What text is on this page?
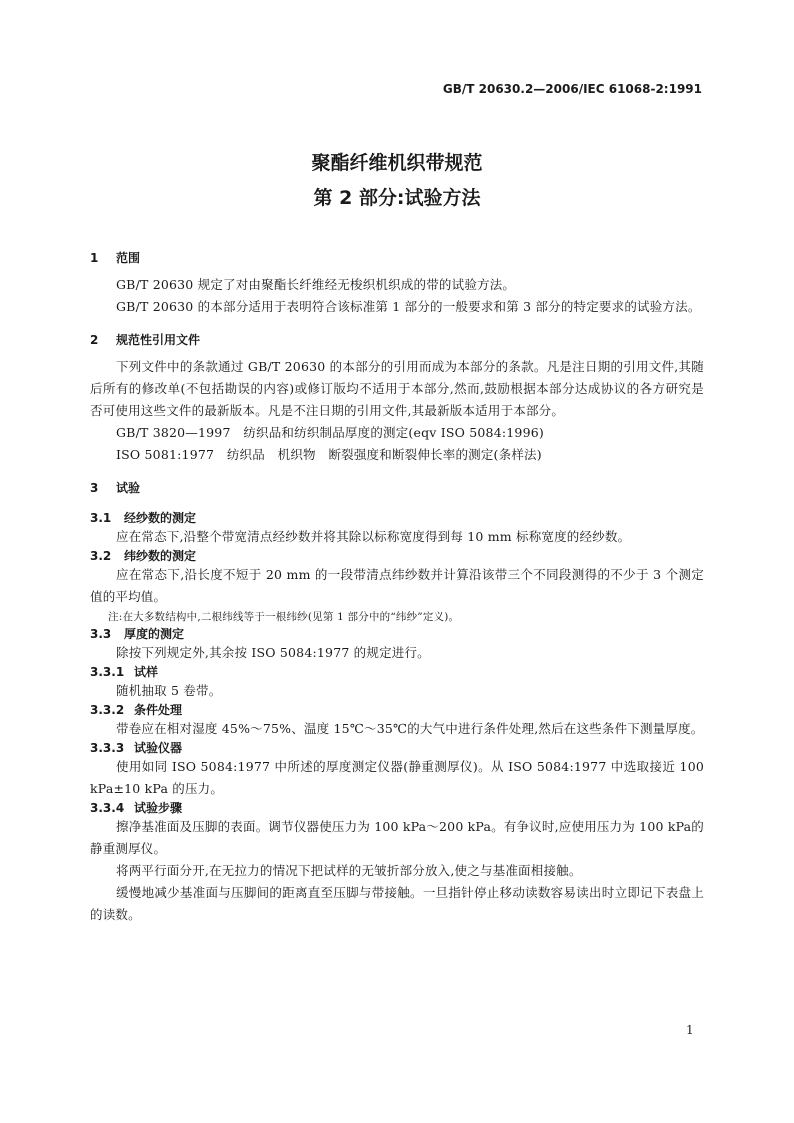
GB/T 20630.2—2006/IEC 61068-2:1991
聚酯纤维机织带规范
第 2 部分:试验方法
1 范围

GB/T 20630 规定了对由聚酯长纤维经无梭织机织成的带的试验方法。

GB/T 20630 的本部分适用于表明符合该标准第 1 部分的一般要求和第 3 部分的特定要求的试验方法。

2 规范性引用文件

下列文件中的条款通过 GB/T 20630 的本部分的引用而成为本部分的条款。凡是注日期的引用文件,其随后所有的修改单(不包括勘误的内容)或修订版均不适用于本部分,然而,鼓励根据本部分达成协议的各方研究是否可使用这些文件的最新版本。凡是不注日期的引用文件,其最新版本适用于本部分。

GB/T 3820—1997　纺织品和纺织制品厚度的测定(eqv ISO 5084:1996)

ISO 5081:1977　纺织品　机织物　断裂强度和断裂伸长率的测定(条样法)

3 试验
3.1 经纱数的测定

应在常态下,沿整个带宽清点经纱数并将其除以标称宽度得到每 10 mm 标称宽度的经纱数。

3.2 纬纱数的测定

应在常态下,沿长度不短于 20 mm 的一段带清点纬纱数并计算沿该带三个不同段测得的不少于 3 个测定值的平均值。

注:在大多数结构中,二根纬线等于一根纬纱(见第 1 部分中的“纬纱”定义)。

3.3 厚度的测定

除按下列规定外,其余按 ISO 5084:1977 的规定进行。

3.3.1 试样

随机抽取 5 卷带。

3.3.2 条件处理

带卷应在相对湿度 45%～75%、温度 15℃～35℃的大气中进行条件处理,然后在这些条件下测量厚度。

3.3.3 试验仪器

使用如同 ISO 5084:1977 中所述的厚度测定仪器(静重测厚仪)。从 ISO 5084:1977 中选取接近 100 kPa±10 kPa 的压力。

3.3.4 试验步骤

擦净基准面及压脚的表面。调节仪器使压力为 100 kPa～200 kPa。有争议时,应使用压力为 100 kPa的静重测厚仪。

将两平行面分开,在无拉力的情况下把试样的无皱折部分放入,使之与基准面相接触。

缓慢地减少基准面与压脚间的距离直至压脚与带接触。一旦指针停止移动读数容易读出时立即记下表盘上的读数。

1
